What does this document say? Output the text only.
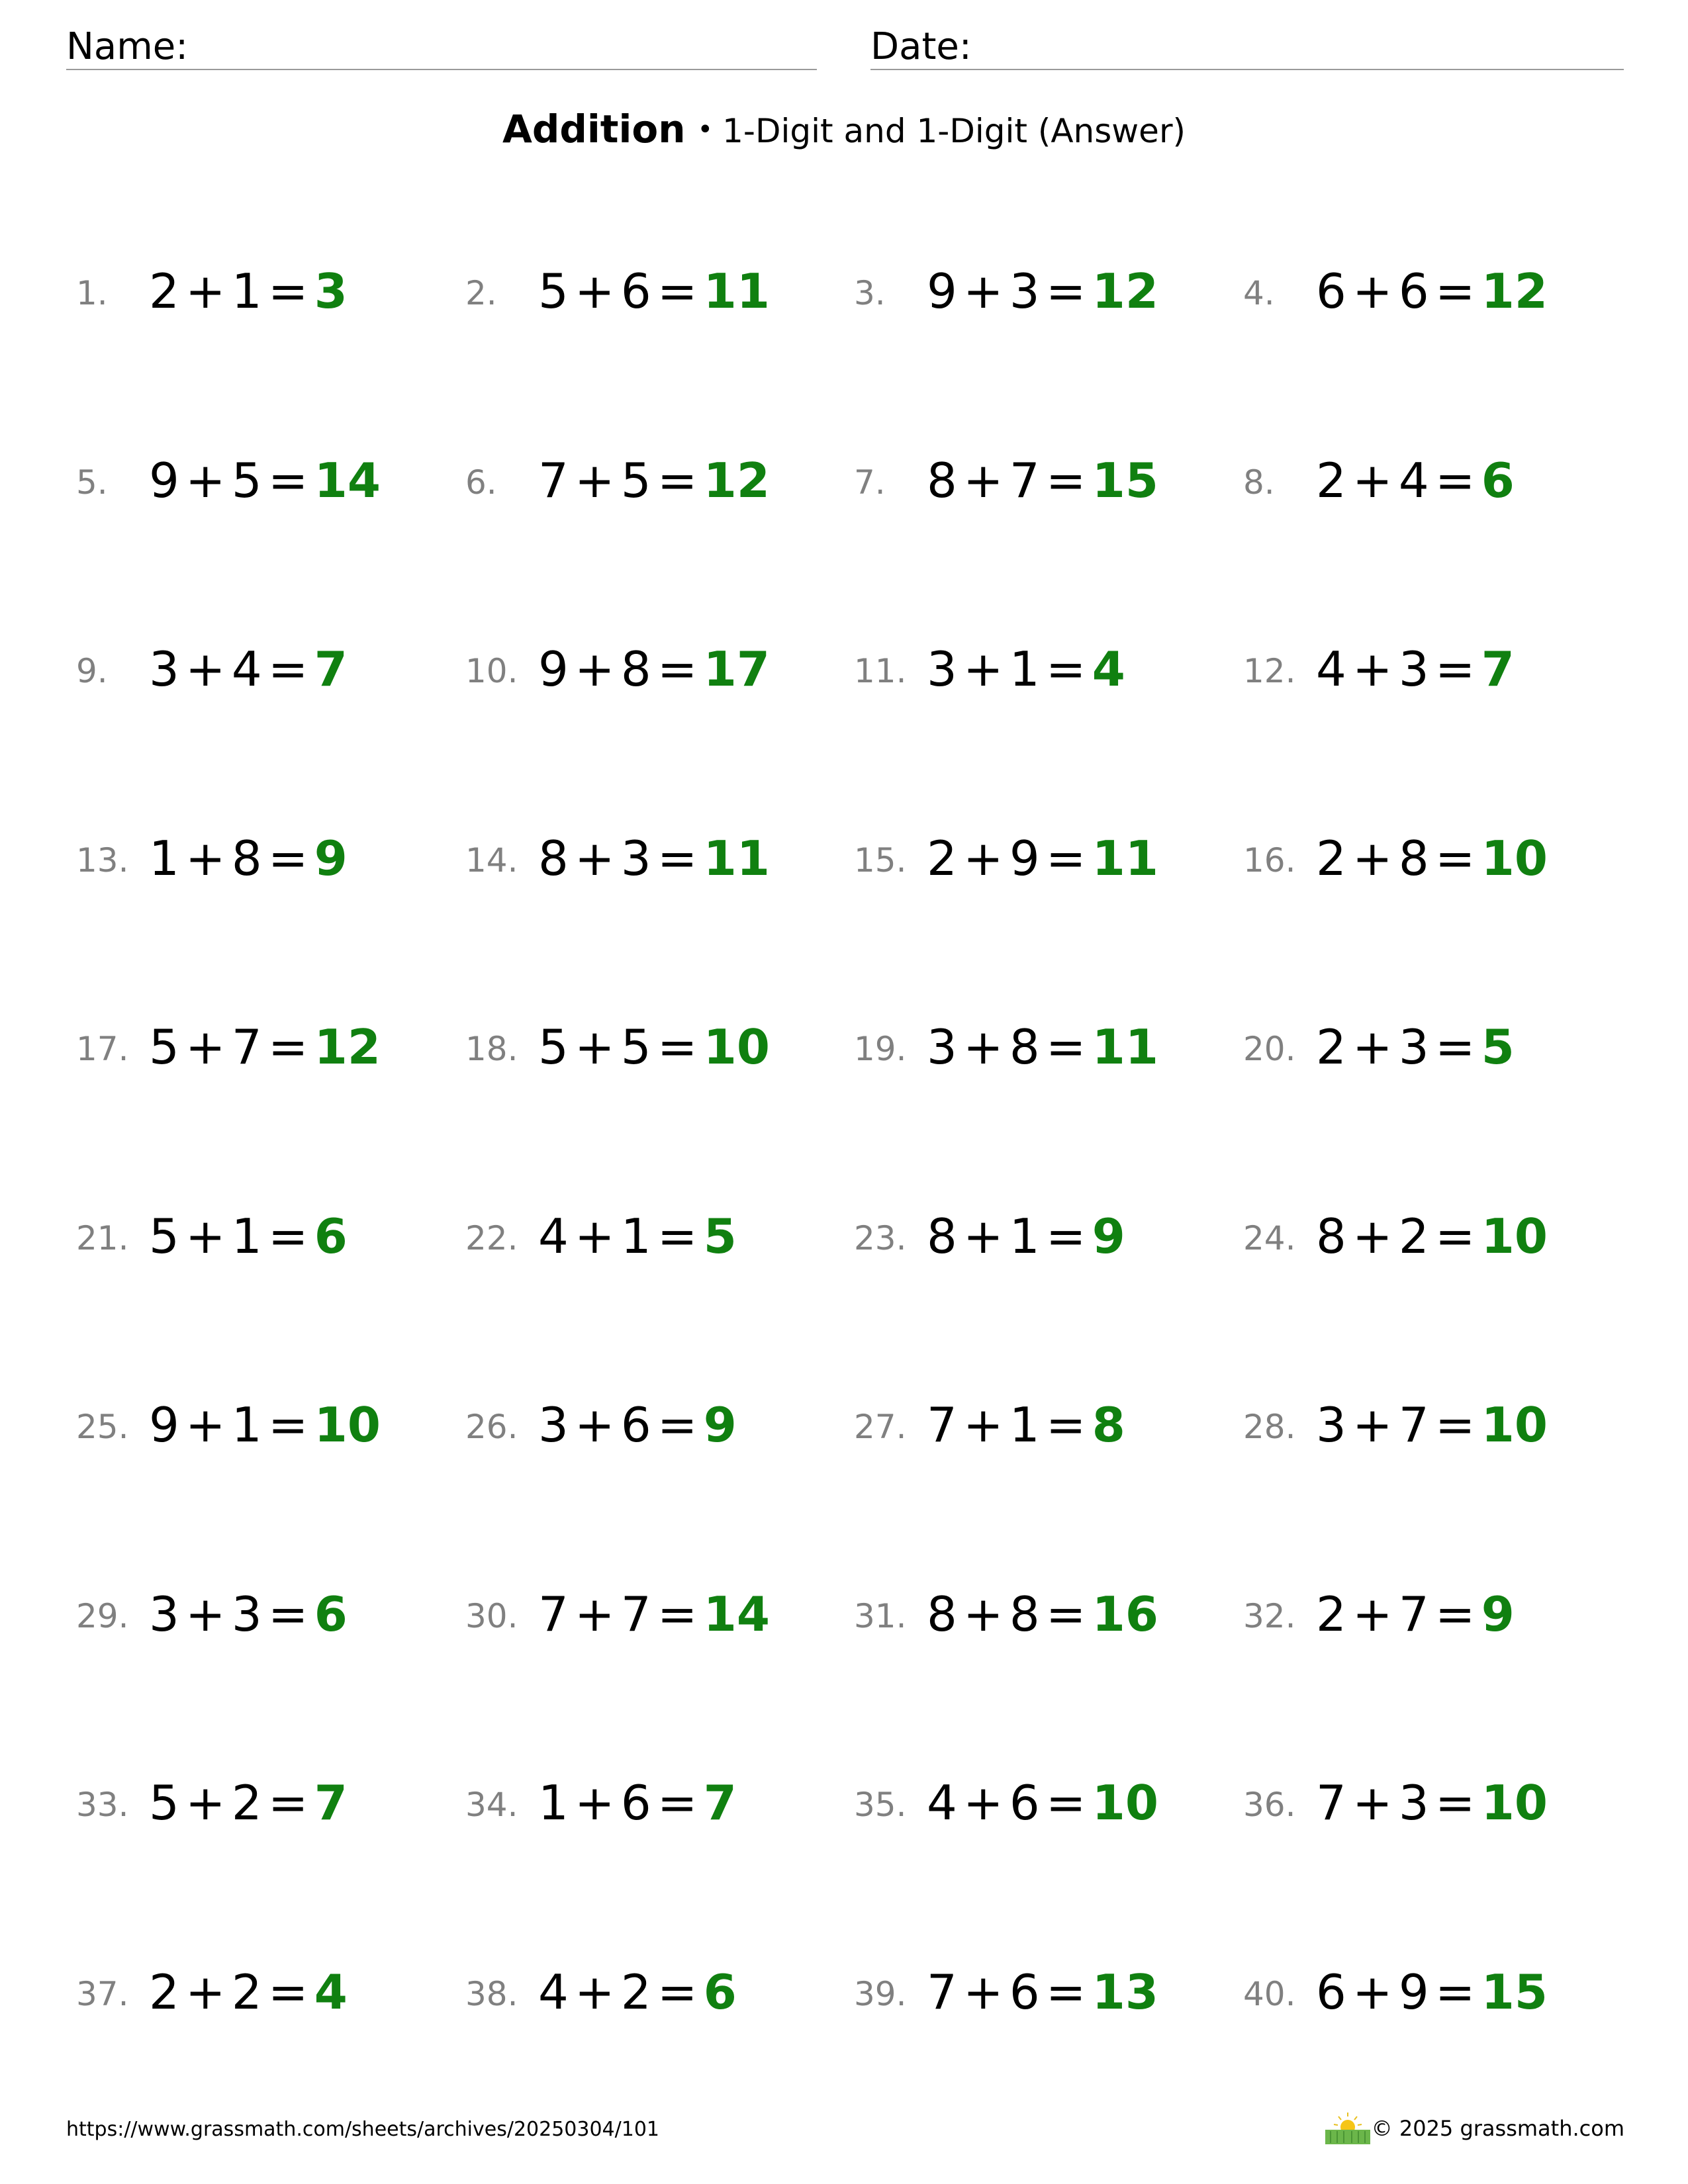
Name:	Date:
Addition • 1-Digit and 1-Digit (Answer)
1. 2 + 1 = 3	2. 5 + 6 = 11	3. 9 + 3 = 12	4. 6 + 6 = 12
5. 9 + 5 = 14	6. 7 + 5 = 12	7. 8 + 7 = 15	8. 2 + 4 = 6
9. 3 + 4 = 7	10. 9 + 8 = 17	11. 3 + 1 = 4	12. 4 + 3 = 7
13. 1 + 8 = 9	14. 8 + 3 = 11	15. 2 + 9 = 11	16. 2 + 8 = 10
17. 5 + 7 = 12	18. 5 + 5 = 10	19. 3 + 8 = 11	20. 2 + 3 = 5
21. 5 + 1 = 6	22. 4 + 1 = 5	23. 8 + 1 = 9	24. 8 + 2 = 10
25. 9 + 1 = 10	26. 3 + 6 = 9	27. 7 + 1 = 8	28. 3 + 7 = 10
29. 3 + 3 = 6	30. 7 + 7 = 14	31. 8 + 8 = 16	32. 2 + 7 = 9
33. 5 + 2 = 7	34. 1 + 6 = 7	35. 4 + 6 = 10	36. 7 + 3 = 10
37. 2 + 2 = 4	38. 4 + 2 = 6	39. 7 + 6 = 13	40. 6 + 9 = 15
https://www.grassmath.com/sheets/archives/20250304/101	© 2025 grassmath.com
